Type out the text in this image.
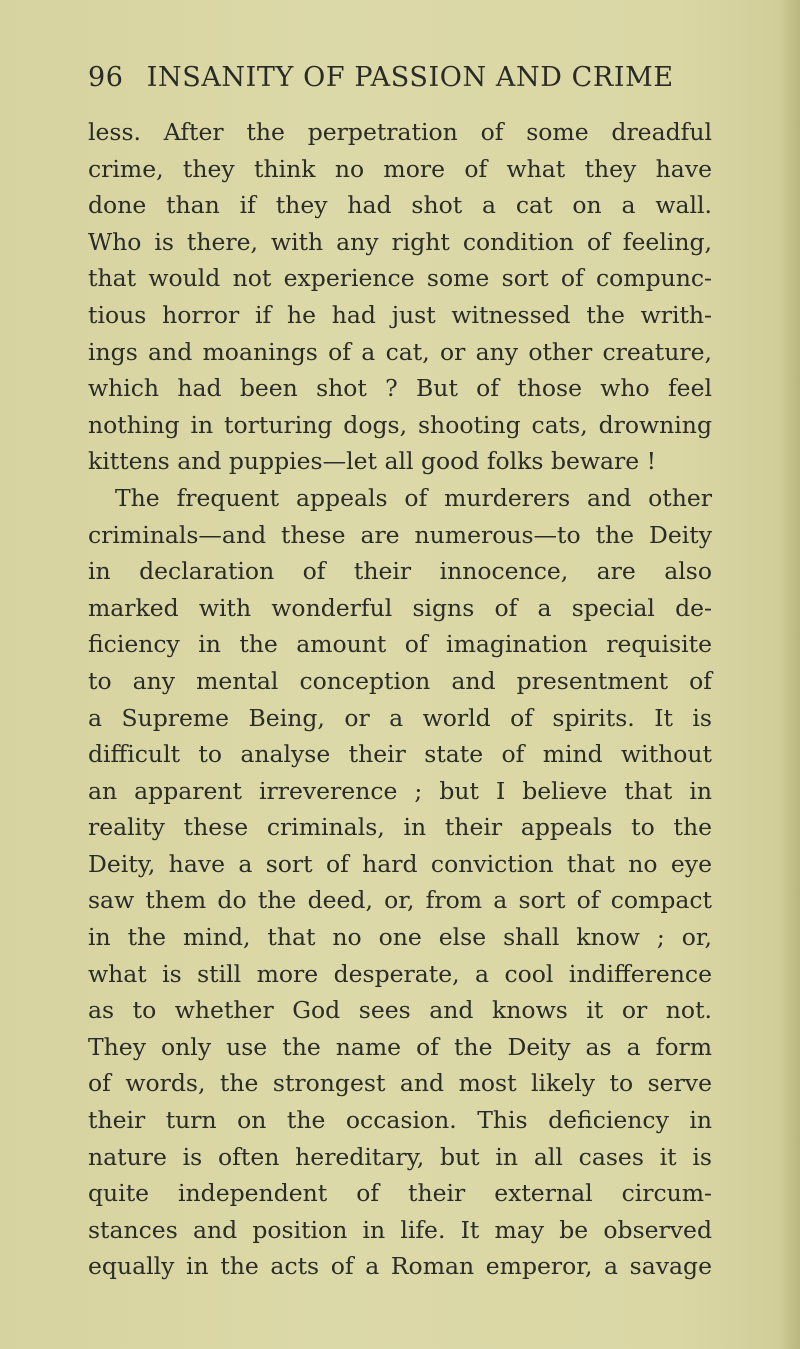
96 INSANITY OF PASSION AND CRIME
less. After the perpetration of some dreadful
crime, they think no more of what they have
done than if they had shot a cat on a wall.
Who is there, with any right condition of feeling,
that would not experience some sort of compunc-
tious horror if he had just witnessed the writh-
ings and moanings of a cat, or any other creature,
which had been shot ? But of those who feel
nothing in torturing dogs, shooting cats, drowning
kittens and puppies—let all good folks beware !
The frequent appeals of murderers and other
criminals—and these are numerous—to the Deity
in declaration of their innocence, are also
marked with wonderful signs of a special de-
ficiency in the amount of imagination requisite
to any mental conception and presentment of
a Supreme Being, or a world of spirits. It is
difficult to analyse their state of mind without
an apparent irreverence ; but I believe that in
reality these criminals, in their appeals to the
Deity, have a sort of hard conviction that no eye
saw them do the deed, or, from a sort of compact
in the mind, that no one else shall know ; or,
what is still more desperate, a cool indifference
as to whether God sees and knows it or not.
They only use the name of the Deity as a form
of words, the strongest and most likely to serve
their turn on the occasion. This deficiency in
nature is often hereditary, but in all cases it is
quite independent of their external circum-
stances and position in life. It may be observed
equally in the acts of a Roman emperor, a savage
